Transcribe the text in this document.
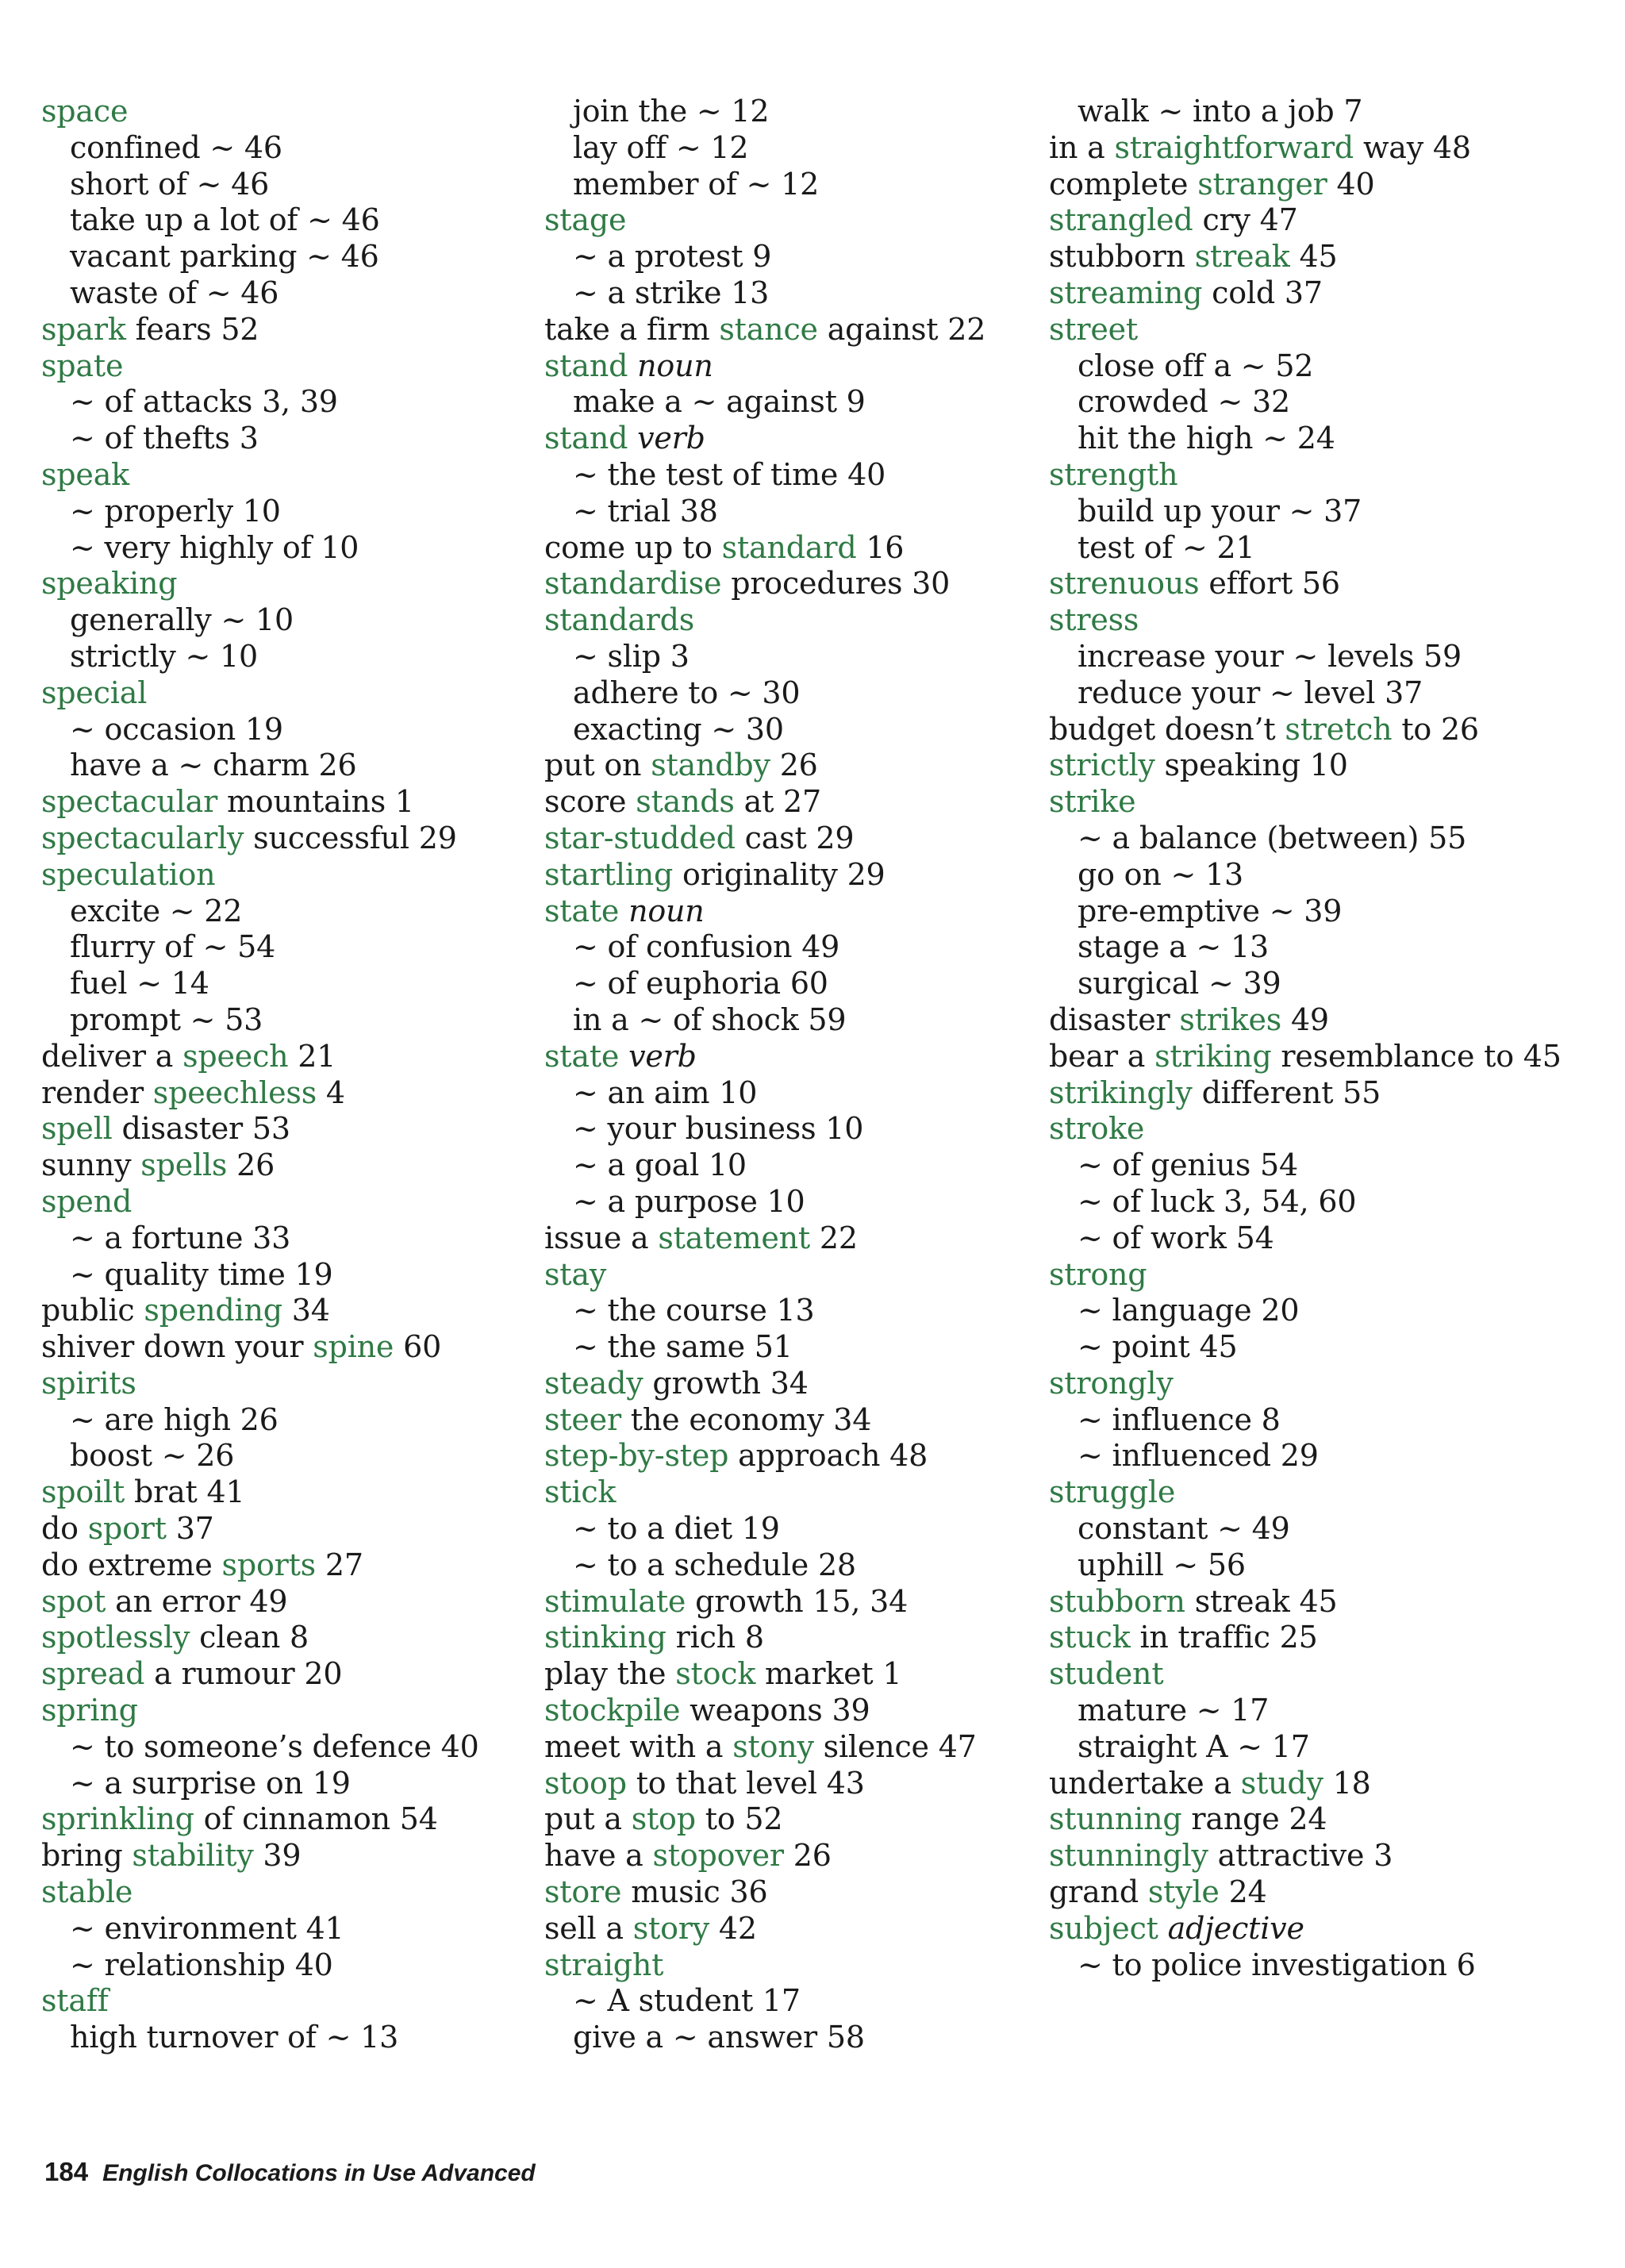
space
confined ~ 46
short of ~ 46
take up a lot of ~ 46
vacant parking ~ 46
waste of ~ 46
spark fears 52
spate
~ of attacks 3, 39
~ of thefts 3
speak
~ properly 10
~ very highly of 10
speaking
generally ~ 10
strictly ~ 10
special
~ occasion 19
have a ~ charm 26
spectacular mountains 1
spectacularly successful 29
speculation
excite ~ 22
flurry of ~ 54
fuel ~ 14
prompt ~ 53
deliver a speech 21
render speechless 4
spell disaster 53
sunny spells 26
spend
~ a fortune 33
~ quality time 19
public spending 34
shiver down your spine 60
spirits
~ are high 26
boost ~ 26
spoilt brat 41
do sport 37
do extreme sports 27
spot an error 49
spotlessly clean 8
spread a rumour 20
spring
~ to someone’s defence 40
~ a surprise on 19
sprinkling of cinnamon 54
bring stability 39
stable
~ environment 41
~ relationship 40
staff
high turnover of ~ 13
join the ~ 12
lay off ~ 12
member of ~ 12
stage
~ a protest 9
~ a strike 13
take a firm stance against 22
stand noun
make a ~ against 9
stand verb
~ the test of time 40
~ trial 38
come up to standard 16
standardise procedures 30
standards
~ slip 3
adhere to ~ 30
exacting ~ 30
put on standby 26
score stands at 27
star-studded cast 29
startling originality 29
state noun
~ of confusion 49
~ of euphoria 60
in a ~ of shock 59
state verb
~ an aim 10
~ your business 10
~ a goal 10
~ a purpose 10
issue a statement 22
stay
~ the course 13
~ the same 51
steady growth 34
steer the economy 34
step-by-step approach 48
stick
~ to a diet 19
~ to a schedule 28
stimulate growth 15, 34
stinking rich 8
play the stock market 1
stockpile weapons 39
meet with a stony silence 47
stoop to that level 43
put a stop to 52
have a stopover 26
store music 36
sell a story 42
straight
~ A student 17
give a ~ answer 58
walk ~ into a job 7
in a straightforward way 48
complete stranger 40
strangled cry 47
stubborn streak 45
streaming cold 37
street
close off a ~ 52
crowded ~ 32
hit the high ~ 24
strength
build up your ~ 37
test of ~ 21
strenuous effort 56
stress
increase your ~ levels 59
reduce your ~ level 37
budget doesn’t stretch to 26
strictly speaking 10
strike
~ a balance (between) 55
go on ~ 13
pre-emptive ~ 39
stage a ~ 13
surgical ~ 39
disaster strikes 49
bear a striking resemblance to 45
strikingly different 55
stroke
~ of genius 54
~ of luck 3, 54, 60
~ of work 54
strong
~ language 20
~ point 45
strongly
~ influence 8
~ influenced 29
struggle
constant ~ 49
uphill ~ 56
stubborn streak 45
stuck in traffic 25
student
mature ~ 17
straight A ~ 17
undertake a study 18
stunning range 24
stunningly attractive 3
grand style 24
subject adjective
~ to police investigation 6
184 English Collocations in Use Advanced
